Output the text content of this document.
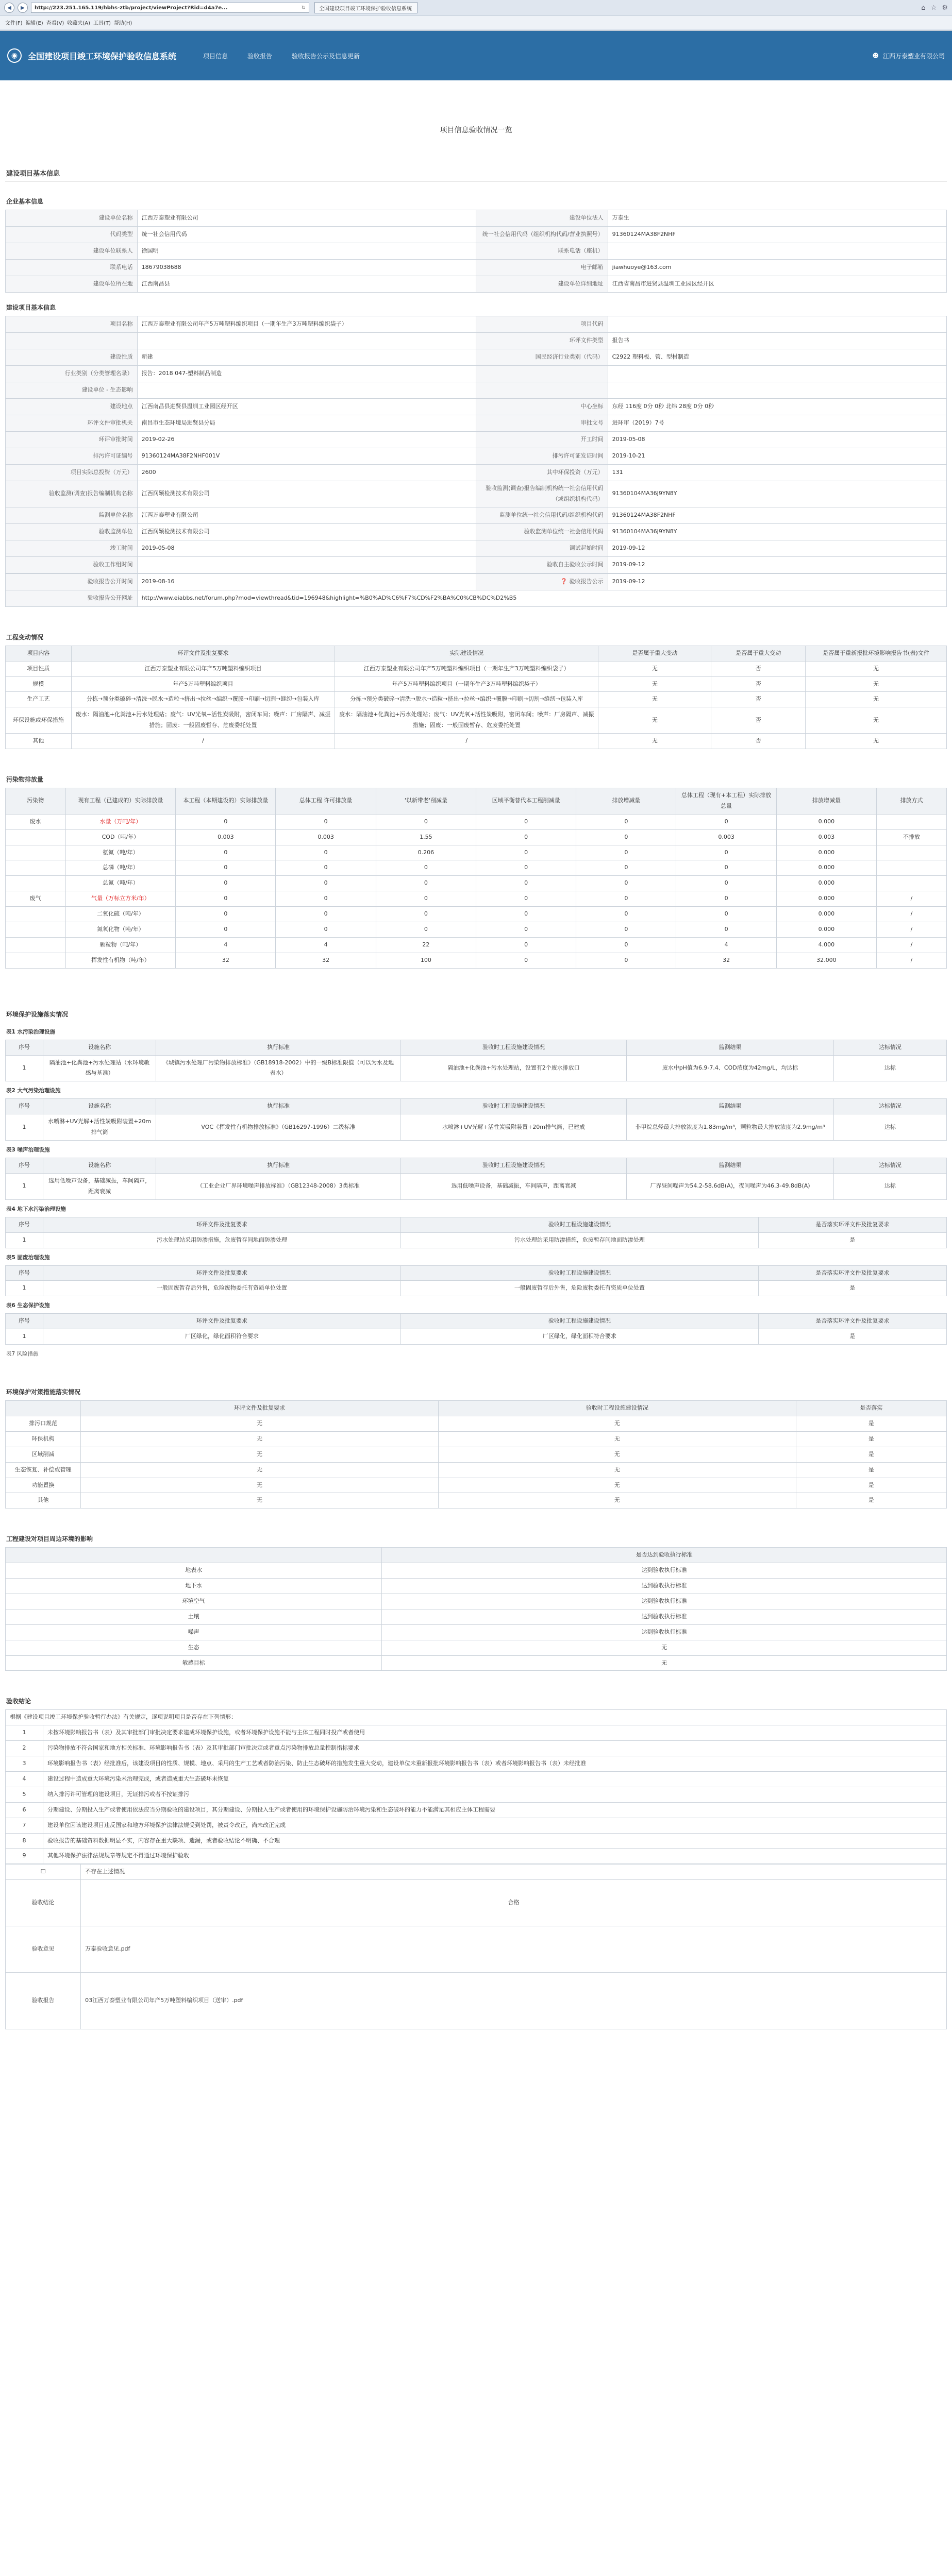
◀	▶	http://223.251.165.119/hbhs-ztb/project/viewProject?Rid=d4a7e...	↻	全国建设项目竣工环境保护验收信息系统	⌂ ☆ ⚙
文件(F) 编辑(E) 查看(V) 收藏夹(A) 工具(T) 帮助(H)
◉	全国建设项目竣工环境保护验收信息系统	项目信息	验收报告	验收报告公示及信息更新	☻ 江西万泰塑业有限公司
项目信息验收情况一览
建设项目基本信息
企业基本信息
建设单位名称	江西万泰塑业有限公司	建设单位法人	万泰生
代码类型	统一社会信用代码	统一社会信用代码（组织机构代码/营业执照号）	91360124MA38F2NHF
建设单位联系人	徐国明	联系电话（座机）	
联系电话	18679038688	电子邮箱	jiawhuoye@163.com
建设单位所在地	江西南昌县	建设单位详细地址	江西省南昌市进贤县温圳工业园区经开区
建设项目基本信息
项目名称	江西万泰塑业有限公司年产5万吨塑料编织项目（一期年生产3万吨塑料编织袋子）	项目代码	
		环评文件类型	报告书
建设性质	新建	国民经济行业类别（代码）	C2922 塑料板、管、型材制造
行业类别（分类管理名录）	报告：2018 047-塑料制品制造		
建设单位 - 生态影响			
建设地点	江西南昌县进贤县温圳工业园区经开区	中心坐标	东经 116度 0分 0秒 北纬 28度 0分 0秒
环评文件审批机关	南昌市生态环境局进贤县分局	审批文号	进环审（2019）7号
环评审批时间	2019-02-26	开工时间	2019-05-08
排污许可证编号	91360124MA38F2NHF001V	排污许可证发证时间	2019-10-21
项目实际总投资（万元）	2600	其中环保投资（万元）	131
验收监测(调查)报告编制机构名称	江西润颖检测技术有限公司	验收监测(调查)报告编制机构统一社会信用代码（或组织机构代码）	91360104MA36J9YN8Y
监测单位名称	江西万泰塑业有限公司	监测单位统一社会信用代码/组织机构代码	91360124MA38F2NHF
验收监测单位	江西润颖检测技术有限公司	验收监测单位统一社会信用代码	91360104MA36J9YN8Y
竣工时间	2019-05-08	调试起始时间	2019-09-12
验收工作组时间		验收自主验收公示时间	2019-09-12
验收报告公开时间	2019-08-16	❓ 验收报告公示	2019-09-12
验收报告公开网址	http://www.eiabbs.net/forum.php?mod=viewthread&tid=196948&highlight=%B0%AD%C6%F7%CD%F2%BA%C0%CB%DC%D2%B5		
工程变动情况
项目内容	环评文件及批复要求	实际建设情况	是否属于重大变动	是否属于重大变动	是否属于重新报批环境影响报告书(表)文件
项目性质	江西万泰塑业有限公司年产5万吨塑料编织项目	江西万泰塑业有限公司年产5万吨塑料编织项目（一期年生产3万吨塑料编织袋子）	无	否	无
规模	年产5万吨塑料编织项目	年产5万吨塑料编织项目（一期年生产3万吨塑料编织袋子）	无	否	无
生产工艺	分拣→预分类破碎→清洗→脱水→造粒→挤出→拉丝→编织→覆膜→印刷→切割→缝纫→包装入库	分拣→预分类破碎→清洗→脱水→造粒→挤出→拉丝→编织→覆膜→印刷→切割→缝纫→包装入库	无	否	无
环保设施或环保措施	废水：隔油池+化粪池+污水处理站；废气：UV光氧+活性炭吸附，密闭车间；噪声：厂房隔声、减振措施；固废：一般固废暂存、危废委托处置	废水：隔油池+化粪池+污水处理站；废气：UV光氧+活性炭吸附，密闭车间；噪声：厂房隔声、减振措施；固废：一般固废暂存、危废委托处置	无	否	无
其他	/	/	无	否	无
污染物排放量
污染物	现有工程（已建成的）实际排放量	本工程（本期建设的）实际排放量	总体工程 许可排放量	'以新带老'削减量	区域平衡替代本工程削减量	排放增减量	总体工程（现有+本工程）实际排放总量	排放增减量	排放方式
废水	水量（万吨/年）	0	0	0	0	0	0	0.000	
	COD（吨/年）	0.003	0.003	1.55	0	0	0.003	0.003	不排放
	氨氮（吨/年）	0	0	0.206	0	0	0	0.000	
	总磷（吨/年）	0	0	0	0	0	0	0.000	
	总氮（吨/年）	0	0	0	0	0	0	0.000	
废气	气量（万标立方米/年）	0	0	0	0	0	0	0.000	/
	二氧化硫（吨/年）	0	0	0	0	0	0	0.000	/
	氮氧化物（吨/年）	0	0	0	0	0	0	0.000	/
	颗粒物（吨/年）	4	4	22	0	0	4	4.000	/
	挥发性有机物（吨/年）	32	32	100	0	0	32	32.000	/
环境保护设施落实情况
表1 水污染治理设施
序号	设施名称	执行标准	验收时工程设施建设情况	监测结果	达标情况
1	隔油池+化粪池+污水处理站（水环境敏感与基准）	《城镇污水处理厂污染物排放标准》（GB18918-2002）中的一级B标准限值（可以为水及地表水）	隔油池+化粪池+污水处理站，设置有2个废水排放口	废水中pH值为6.9-7.4、COD浓度为42mg/L，均达标	达标
表2 大气污染治理设施
序号	设施名称	执行标准	验收时工程设施建设情况	监测结果	达标情况
1	水喷淋+UV光解+活性炭吸附装置+20m排气筒	VOC《挥发性有机物排放标准》（GB16297-1996）二级标准	水喷淋+UV光解+活性炭吸附装置+20m排气筒，已建成	非甲烷总烃最大排放浓度为1.83mg/m³，颗粒物最大排放浓度为2.9mg/m³	达标
表3 噪声治理设施
序号	设施名称	执行标准	验收时工程设施建设情况	监测结果	达标情况
1	选用低噪声设备，基础减振，车间隔声，距离衰减	《工业企业厂界环境噪声排放标准》（GB12348-2008）3类标准	选用低噪声设备，基础减振，车间隔声，距离衰减	厂界昼间噪声为54.2-58.6dB(A)，夜间噪声为46.3-49.8dB(A)	达标
表4 地下水污染治理设施
序号	环评文件及批复要求	验收时工程设施建设情况	是否落实环评文件及批复要求
1	污水处理站采用防渗措施，危废暂存间地面防渗处理	污水处理站采用防渗措施，危废暂存间地面防渗处理	是
表5 固废治理设施
序号	环评文件及批复要求	验收时工程设施建设情况	是否落实环评文件及批复要求
1	一般固废暂存后外售，危险废物委托有资质单位处置	一般固废暂存后外售，危险废物委托有资质单位处置	是
表6 生态保护设施
序号	环评文件及批复要求	验收时工程设施建设情况	是否落实环评文件及批复要求
1	厂区绿化，绿化面积符合要求	厂区绿化，绿化面积符合要求	是
表7 风险措施
环境保护对策措施落实情况
	环评文件及批复要求	验收时工程设施建设情况	是否落实
排污口规范	无	无	是
环保机构	无	无	是
区域削减	无	无	是
生态恢复、补偿或管理	无	无	是
功能置换	无	无	是
其他	无	无	是
工程建设对项目周边环境的影响
	是否达到验收执行标准
地表水	达到验收执行标准
地下水	达到验收执行标准
环境空气	达到验收执行标准
土壤	达到验收执行标准
噪声	达到验收执行标准
生态	无
敏感目标	无
验收结论
根据《建设项目竣工环境保护验收暂行办法》有关规定，逐项说明项目是否存在下列情形：	
1	未按环境影响报告书（表）及其审批部门审批决定要求建成环境保护设施，或者环境保护设施不能与主体工程同时投产或者使用
2	污染物排放不符合国家和地方相关标准、环境影响报告书（表）及其审批部门审批决定或者重点污染物排放总量控制指标要求
3	环境影响报告书（表）经批准后，该建设项目的性质、规模、地点、采用的生产工艺或者防治污染、防止生态破坏的措施发生重大变动，建设单位未重新报批环境影响报告书（表）或者环境影响报告书（表）未经批准
4	建设过程中造成重大环境污染未治理完成，或者造成重大生态破坏未恢复
5	纳入排污许可管理的建设项目，无证排污或者不按证排污
6	分期建设、分期投入生产或者使用依法应当分期验收的建设项目，其分期建设、分期投入生产或者使用的环境保护设施防治环境污染和生态破坏的能力不能满足其相应主体工程需要
7	建设单位因该建设项目违反国家和地方环境保护法律法规受到处罚，被责令改正，尚未改正完成
8	验收报告的基础资料数据明显不实，内容存在重大缺项、遗漏，或者验收结论不明确、不合理
9	其他环境保护法律法规规章等规定不得通过环境保护验收
☐	不存在上述情况
验收结论	合格
验收意见	万泰验收意见.pdf
验收报告	03江西万泰塑业有限公司年产5万吨塑料编织项目（送审）.pdf
